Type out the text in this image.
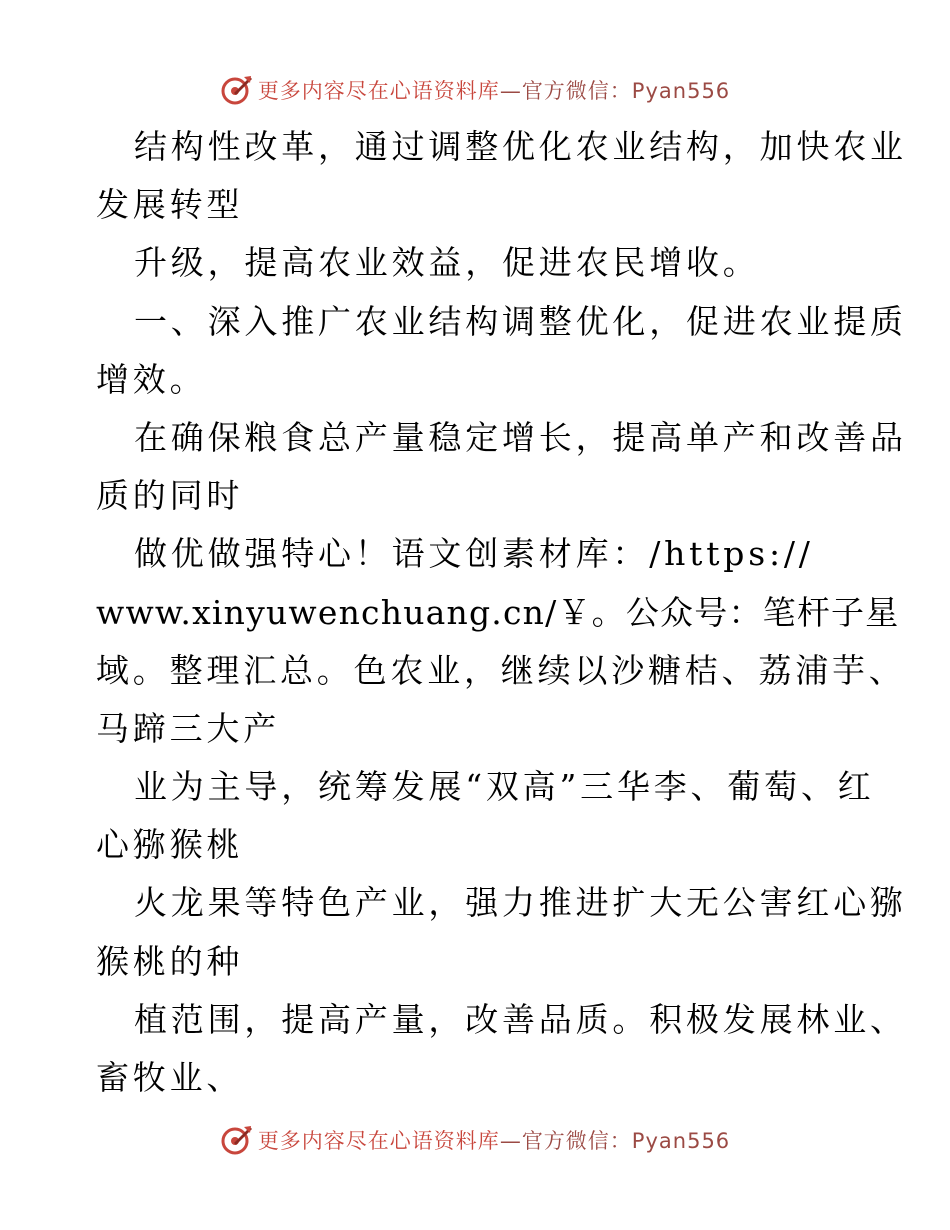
更多内容尽在心语资料库—官方微信：Pyan556
结构性改革，通过调整优化农业结构，加快农业
发展转型
升级，提高农业效益，促进农民增收。
一、深入推广农业结构调整优化，促进农业提质
增效。
在确保粮食总产量稳定增长，提高单产和改善品
质的同时
做优做强特心！语文创素材库：/https://
www.xinyuwenchuang.cn/￥。公众号：笔杆子星
域。整理汇总。色农业，继续以沙糖桔、荔浦芋、
马蹄三大产
业为主导，统筹发展“双高”三华李、葡萄、红
心猕猴桃
火龙果等特色产业，强力推进扩大无公害红心猕
猴桃的种
植范围，提高产量，改善品质。积极发展林业、
畜牧业、
更多内容尽在心语资料库—官方微信：Pyan556
